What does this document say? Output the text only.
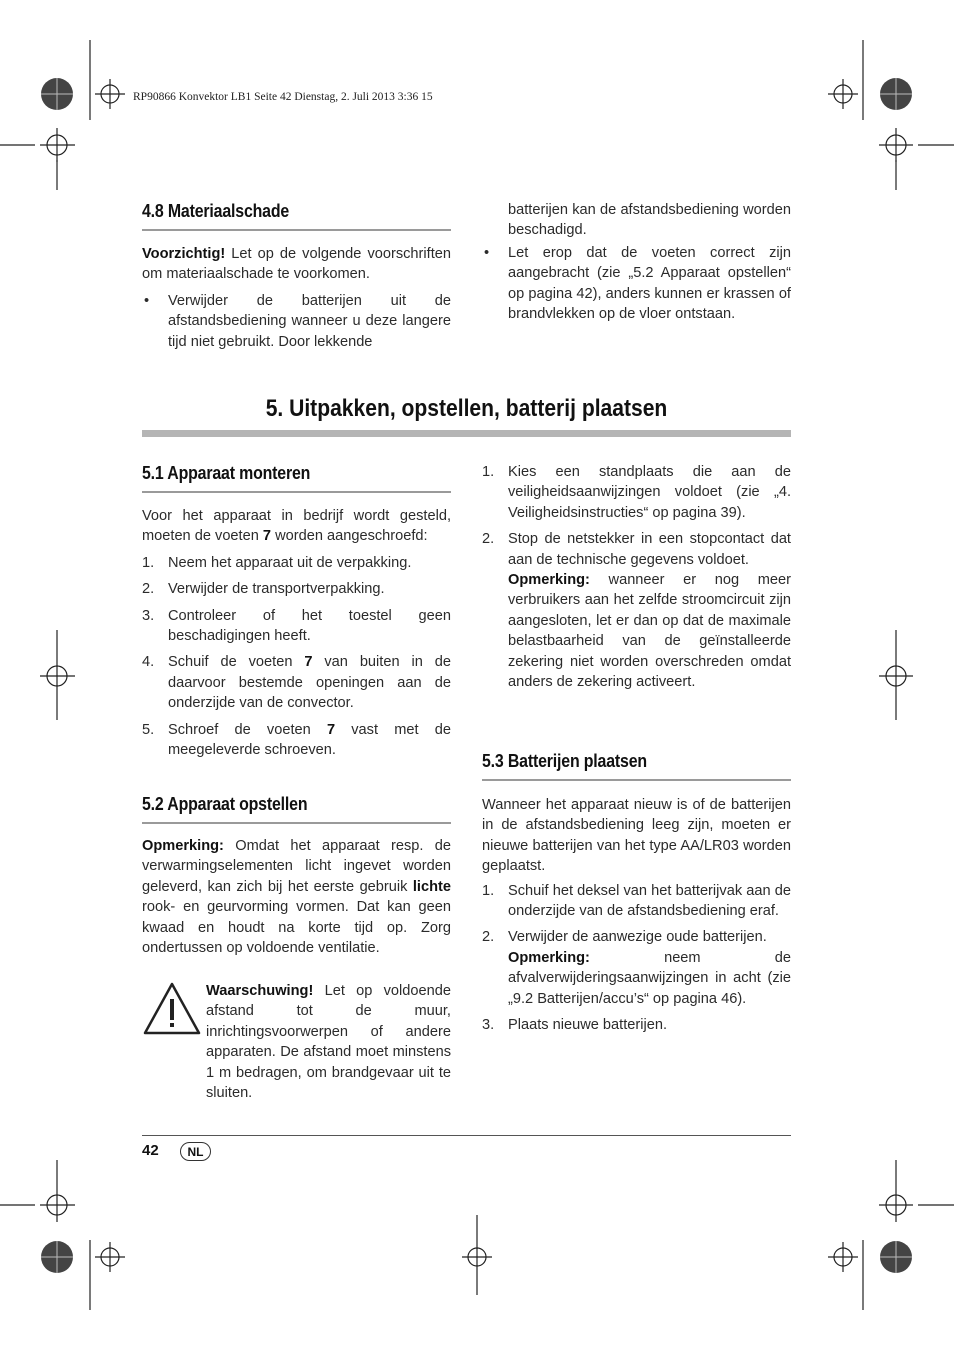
RP90866 Konvektor LB1 Seite 42 Dienstag, 2. Juli 2013 3:36 15
4.8 Materiaalschade

Voorzichtig! Let op de volgende voorschriften om materiaalschade te voorkomen.

• Verwijder de batterijen uit de afstandsbediening wanneer u deze langere tijd niet gebruikt. Door lekkende

batterijen kan de afstandsbediening worden beschadigd.

• Let erop dat de voeten correct zijn aangebracht (zie „5.2 Apparaat opstellen“ op pagina 42), anders kunnen er krassen of brandvlekken op de vloer ontstaan.
5. Uitpakken, opstellen, batterij plaatsen
5.1 Apparaat monteren

Voor het apparaat in bedrijf wordt gesteld, moeten de voeten 7 worden aangeschroefd:

1. Neem het apparaat uit de verpakking.
2. Verwijder de transportverpakking.
3. Controleer of het toestel geen beschadigingen heeft.
4. Schuif de voeten 7 van buiten in de daarvoor bestemde openingen aan de onderzijde van de convector.
5. Schroef de voeten 7 vast met de meegeleverde schroeven.
5.2 Apparaat opstellen

Opmerking: Omdat het apparaat resp. de verwarmingselementen licht ingevet worden geleverd, kan zich bij het eerste gebruik lichte rook- en geurvorming vormen. Dat kan geen kwaad en houdt na korte tijd op. Zorg ondertussen op voldoende ventilatie.

Waarschuwing! Let op voldoende afstand tot de muur, inrichtingsvoorwerpen of andere apparaten. De afstand moet minstens 1 m bedragen, om brandgevaar uit te sluiten.

1. Kies een standplaats die aan de veiligheidsaanwijzingen voldoet (zie „4. Veiligheidsinstructies“ op pagina 39).
2. Stop de netstekker in een stopcontact dat aan de technische gegevens voldoet.

Opmerking: wanneer er nog meer verbruikers aan het zelfde stroomcircuit zijn aangesloten, let er dan op dat de maximale belastbaarheid van de geïnstalleerde zekering niet worden overschreden omdat anders de zekering activeert.

5.3 Batterijen plaatsen

Wanneer het apparaat nieuw is of de batterijen in de afstandsbediening leeg zijn, moeten er nieuwe batterijen van het type AA/LR03 worden geplaatst.

1. Schuif het deksel van het batterijvak aan de onderzijde van de afstandsbediening eraf.
2. Verwijder de aanwezige oude batterijen.

Opmerking: neem de afvalverwijderingsaanwijzingen in acht (zie „9.2 Batterijen/accu’s“ op pagina 46).

3. Plaats nieuwe batterijen.
42	NL
